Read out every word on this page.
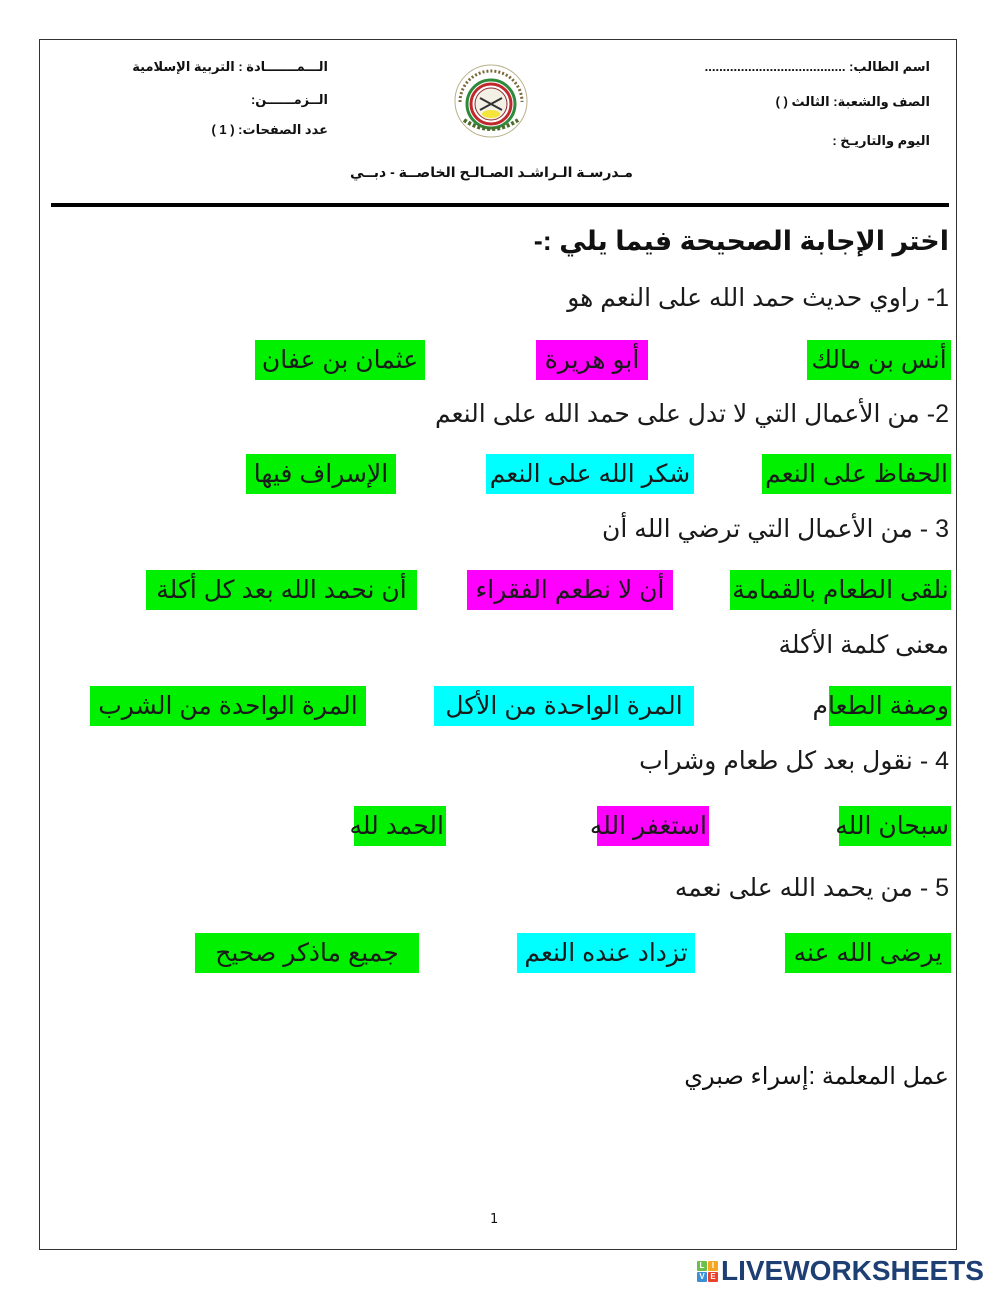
اسم الطالب: .......................................
الصف والشعبة: الثالث ( )
اليوم والتاريـخ :
الـــمـــــــادة : التربية الإسلامية
الــزمــــــن:
عدد الصفحات: ( 1 )
مـدرسـة الـراشـد الصـالـح الخاصــة - دبــي
اختر الإجابة الصحيحة فيما يلي :-
1- راوي حديث حمد الله على النعم هو
أنس بن مالك
أبو هريرة
عثمان بن عفان
2- من الأعمال التي لا تدل على حمد الله على النعم
الحفاظ على النعم
شكر الله على النعم
الإسراف فيها
3 - من الأعمال التي ترضي الله أن
نلقى الطعام بالقمامة
أن لا نطعم الفقراء
أن نحمد الله بعد كل أكلة
معنى كلمة الأكلة
وصفة الطعام
المرة الواحدة من الأكل
المرة الواحدة من الشرب
4 - نقول بعد كل طعام وشراب
سبحان الله
استغفر الله
الحمد لله
5 - من يحمد الله على نعمه
يرضى الله عنه
تزداد عنده النعم
جميع ماذكر صحيح
عمل المعلمة :إسراء صبري
1
L I
V E LIVEWORKSHEETS
